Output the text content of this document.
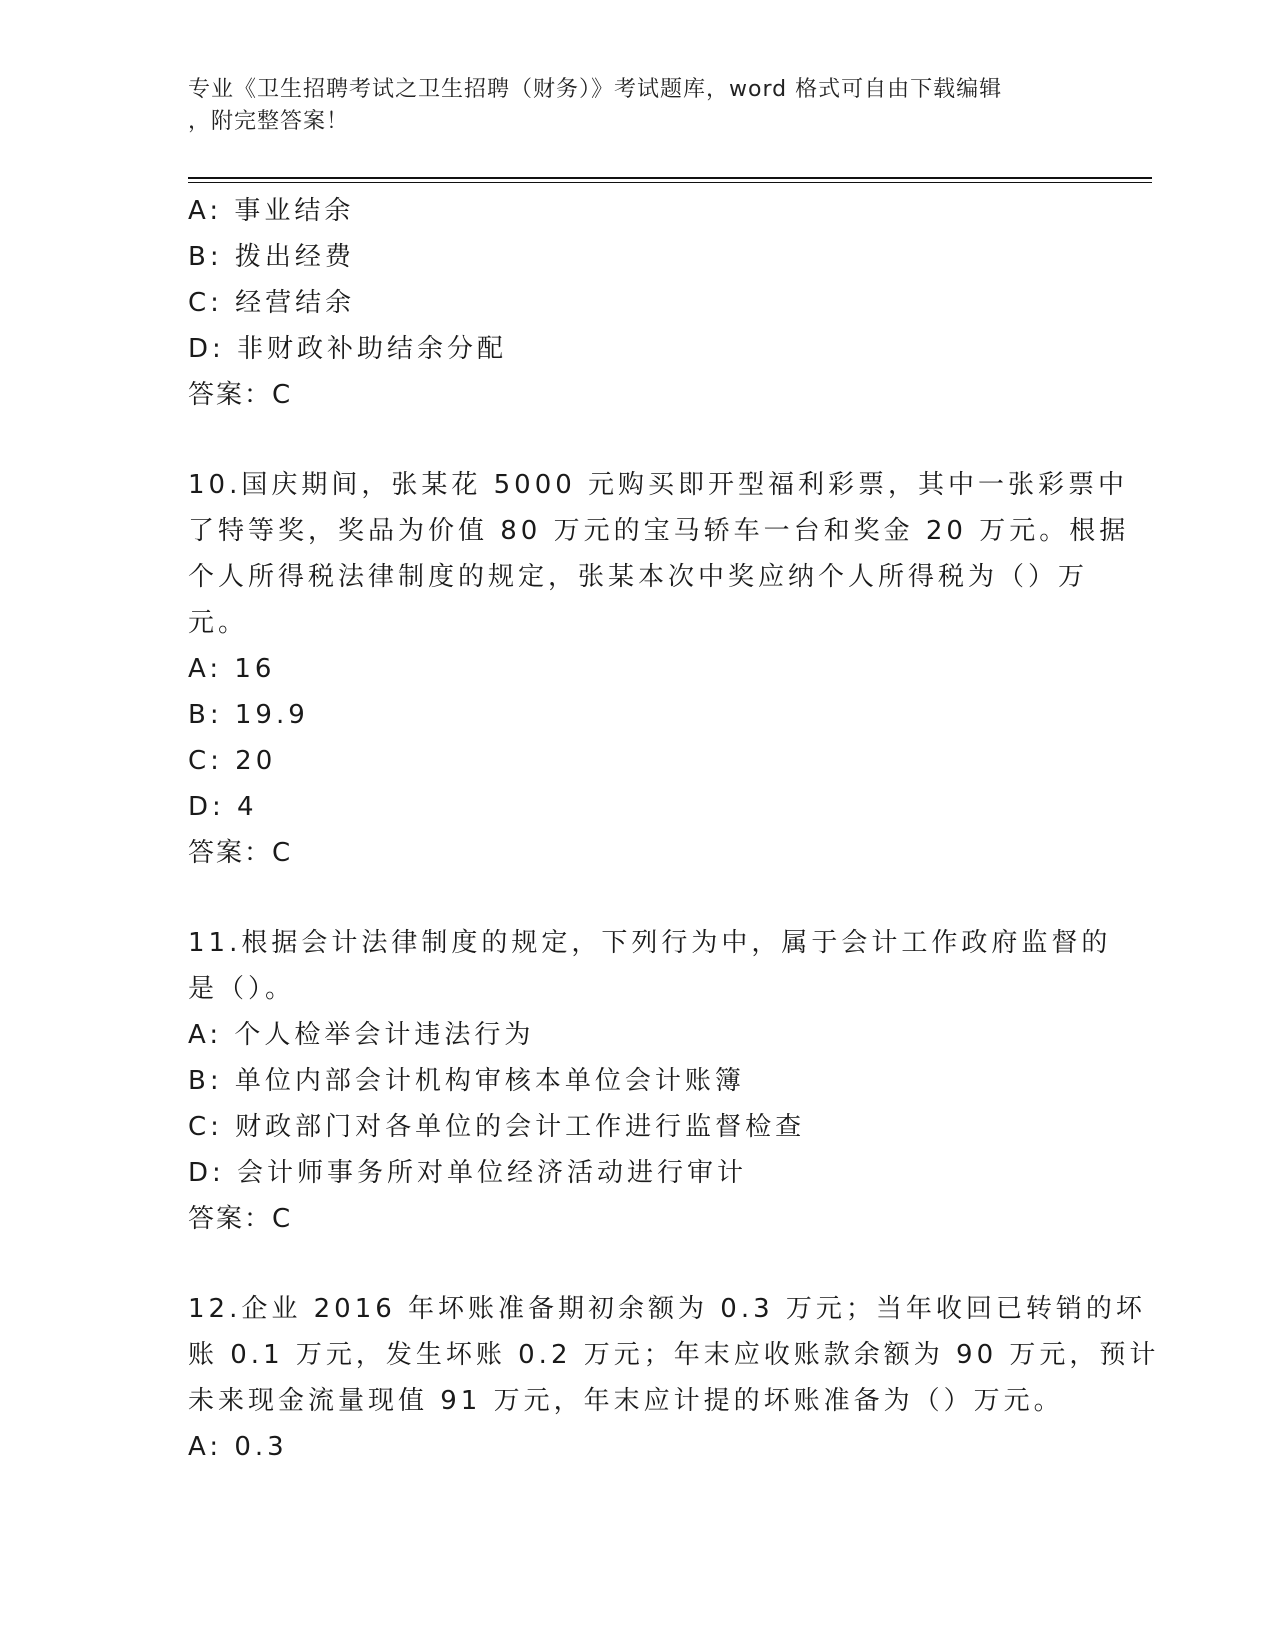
专业《卫生招聘考试之卫生招聘（财务）》考试题库，word 格式可自由下载编辑
，附完整答案！
A: 事业结余
B: 拨出经费
C: 经营结余
D: 非财政补助结余分配
答案：C
10.国庆期间，张某花 5000 元购买即开型福利彩票，其中一张彩票中
了特等奖，奖品为价值 80 万元的宝马轿车一台和奖金 20 万元。根据
个人所得税法律制度的规定，张某本次中奖应纳个人所得税为（）万
元。
A: 16
B: 19.9
C: 20
D: 4
答案：C
11.根据会计法律制度的规定，下列行为中，属于会计工作政府监督的
是（）。
A: 个人检举会计违法行为
B: 单位内部会计机构审核本单位会计账簿
C: 财政部门对各单位的会计工作进行监督检查
D: 会计师事务所对单位经济活动进行审计
答案：C
12.企业 2016 年坏账准备期初余额为 0.3 万元；当年收回已转销的坏
账 0.1 万元，发生坏账 0.2 万元；年末应收账款余额为 90 万元，预计
未来现金流量现值 91 万元，年末应计提的坏账准备为（）万元。
A: 0.3
